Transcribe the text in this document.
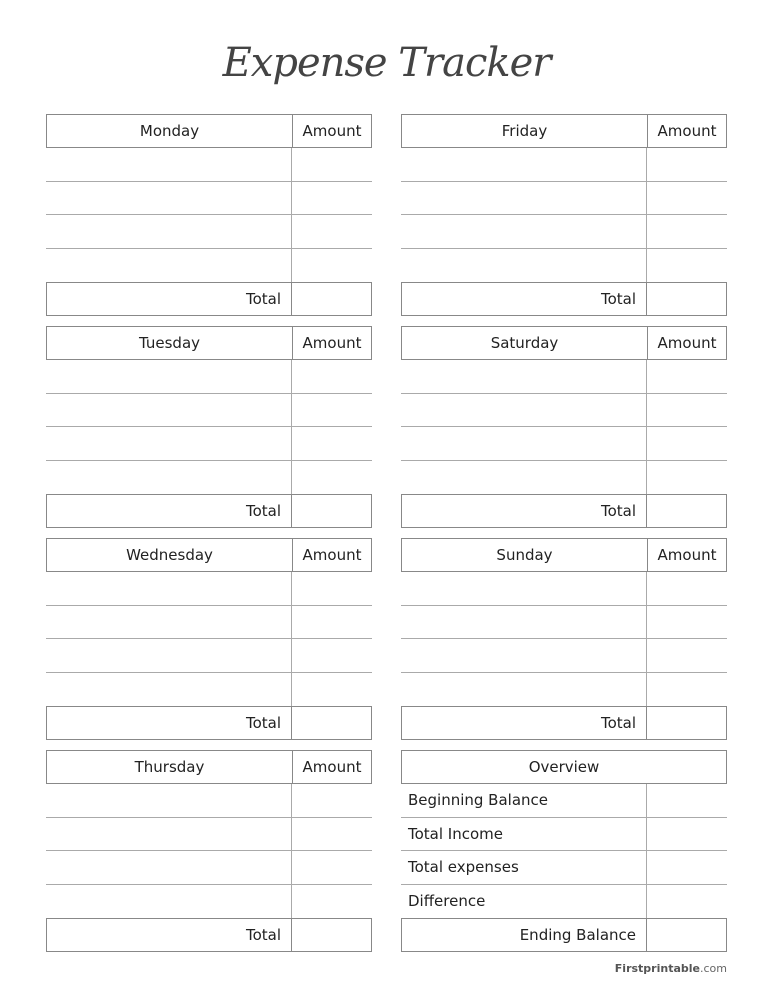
Expense Tracker
Monday	Amount
Total
Tuesday	Amount
Total
Wednesday	Amount
Total
Thursday	Amount
Total
Friday	Amount
Total
Saturday	Amount
Total
Sunday	Amount
Total
Overview
Beginning Balance
Total Income
Total expenses
Difference
Ending Balance
Firstprintable.com
